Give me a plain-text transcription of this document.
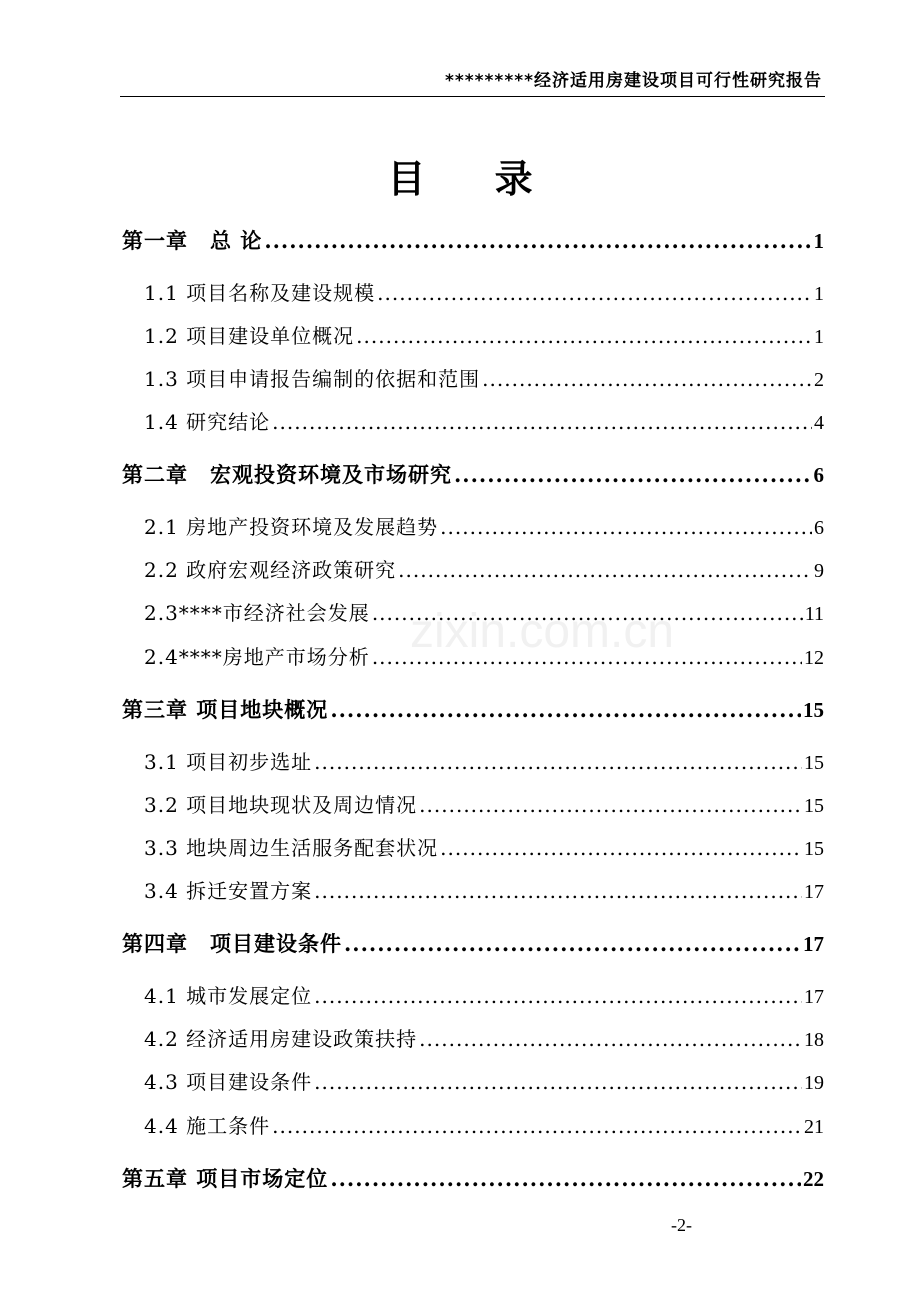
*********经济适用房建设项目可行性研究报告
目 录
zixin.com.cn
第一章　总 论 .....	1
1.1 项目名称及建设规模 .....	1
1.2 项目建设单位概况 .....	1
1.3 项目申请报告编制的依据和范围 .....	2
1.4 研究结论 .....	4
第二章　宏观投资环境及市场研究 .....	6
2.1 房地产投资环境及发展趋势 .....	6
2.2 政府宏观经济政策研究 .....	9
2.3****市经济社会发展 .....	11
2.4****房地产市场分析 .....	12
第三章 项目地块概况 .....	15
3.1 项目初步选址 .....	15
3.2 项目地块现状及周边情况 .....	15
3.3 地块周边生活服务配套状况 .....	15
3.4 拆迁安置方案 .....	17
第四章　项目建设条件 .....	17
4.1 城市发展定位 .....	17
4.2 经济适用房建设政策扶持 .....	18
4.3 项目建设条件 .....	19
4.4 施工条件 .....	21
第五章 项目市场定位 .....	22
-2-
